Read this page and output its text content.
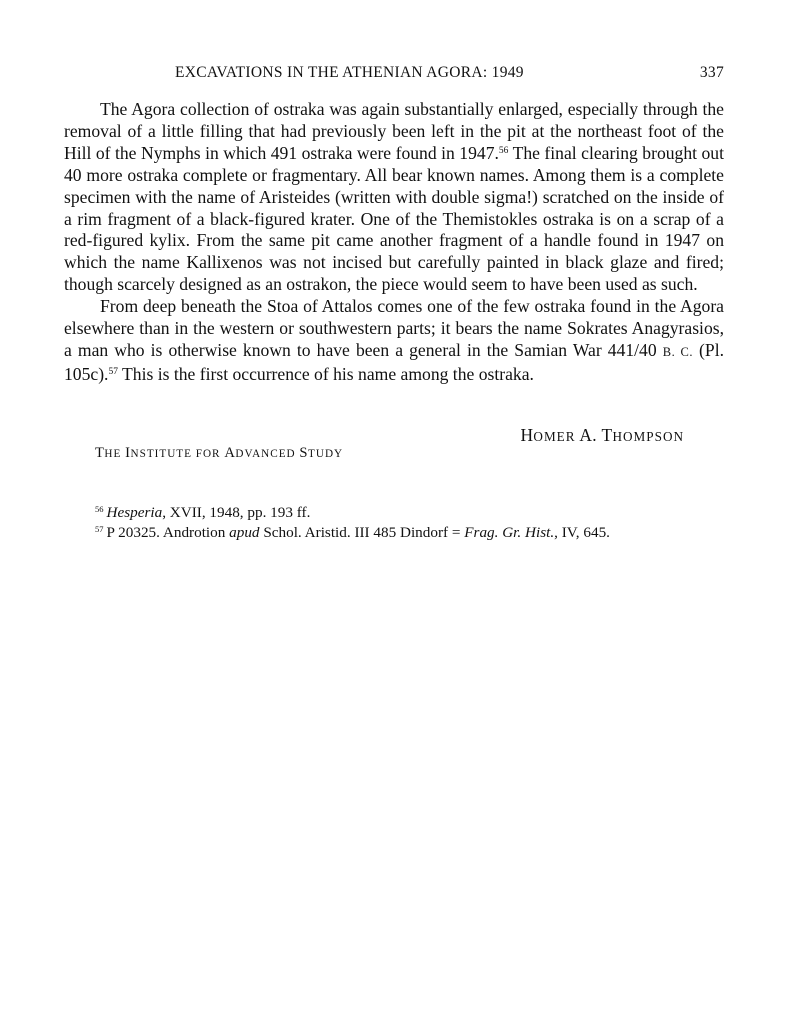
EXCAVATIONS IN THE ATHENIAN AGORA: 1949	337

The Agora collection of ostraka was again substantially enlarged, especially through the removal of a little filling that had previously been left in the pit at the northeast foot of the Hill of the Nymphs in which 491 ostraka were found in 1947.56 The final clearing brought out 40 more ostraka complete or fragmentary. All bear known names. Among them is a complete specimen with the name of Aristeides (written with double sigma!) scratched on the inside of a rim fragment of a black-figured krater. One of the Themistokles ostraka is on a scrap of a red-figured kylix. From the same pit came another fragment of a handle found in 1947 on which the name Kallixenos was not incised but carefully painted in black glaze and fired; though scarcely designed as an ostrakon, the piece would seem to have been used as such.

From deep beneath the Stoa of Attalos comes one of the few ostraka found in the Agora elsewhere than in the western or southwestern parts; it bears the name Sokrates Anagyrasios, a man who is otherwise known to have been a general in the Samian War 441/40 B. C. (Pl. 105c).$^{57}$ This is the first occurrence of his name among the ostraka.

HOMER A. THOMPSON
THE INSTITUTE FOR ADVANCED STUDY

$^{56}$ Hesperia, XVII, 1948, pp. 193 ff.

$^{57}$ P 20325. Androtion apud Schol. Aristid. III 485 Dindorf = Frag. Gr. Hist., IV, 645.
